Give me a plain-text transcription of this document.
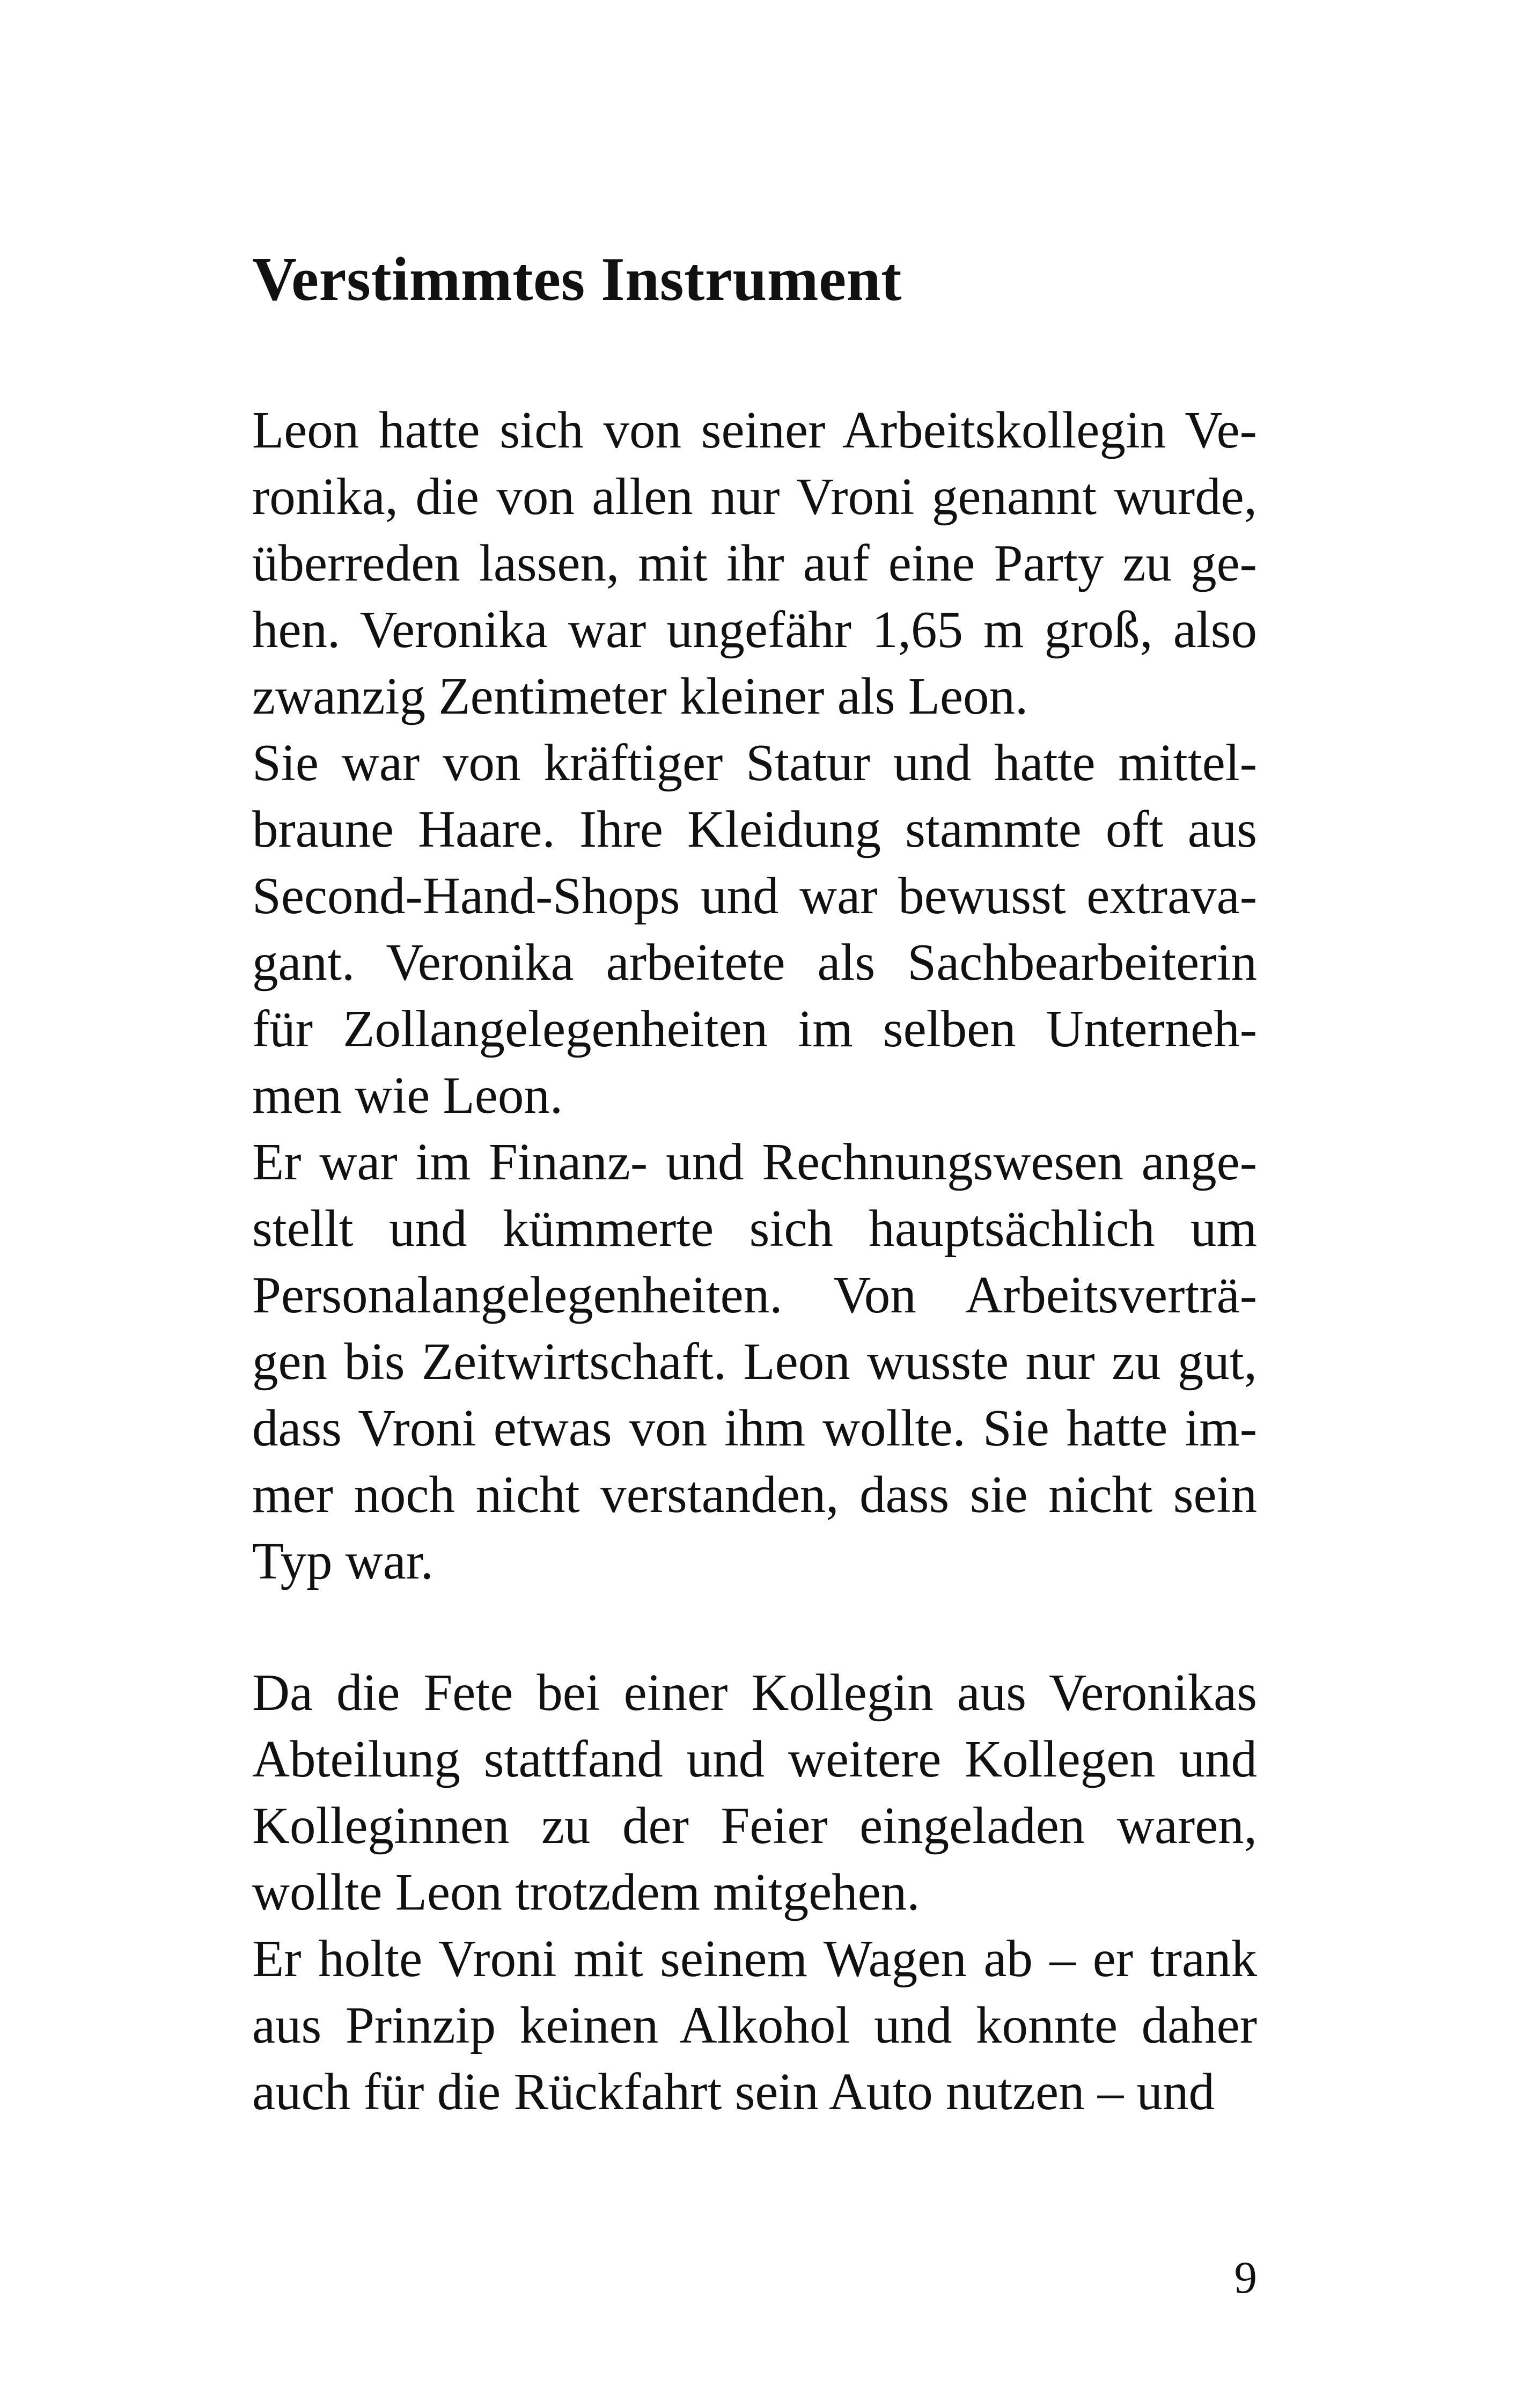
Verstimmtes Instrument
Leon hatte sich von seiner Arbeitskollegin Ve-
ronika, die von allen nur Vroni genannt wurde,
überreden lassen, mit ihr auf eine Party zu ge-
hen. Veronika war ungefähr 1,65 m groß, also
zwanzig Zentimeter kleiner als Leon.
Sie war von kräftiger Statur und hatte mittel-
braune Haare. Ihre Kleidung stammte oft aus
Second-Hand-Shops und war bewusst extrava-
gant. Veronika arbeitete als Sachbearbeiterin
für Zollangelegenheiten im selben Unterneh-
men wie Leon.
Er war im Finanz- und Rechnungswesen ange-
stellt und kümmerte sich hauptsächlich um
Personalangelegenheiten. Von Arbeitsverträ-
gen bis Zeitwirtschaft. Leon wusste nur zu gut,
dass Vroni etwas von ihm wollte. Sie hatte im-
mer noch nicht verstanden, dass sie nicht sein
Typ war.
Da die Fete bei einer Kollegin aus Veronikas
Abteilung stattfand und weitere Kollegen und
Kolleginnen zu der Feier eingeladen waren,
wollte Leon trotzdem mitgehen.
Er holte Vroni mit seinem Wagen ab – er trank
aus Prinzip keinen Alkohol und konnte daher
auch für die Rückfahrt sein Auto nutzen – und
9
